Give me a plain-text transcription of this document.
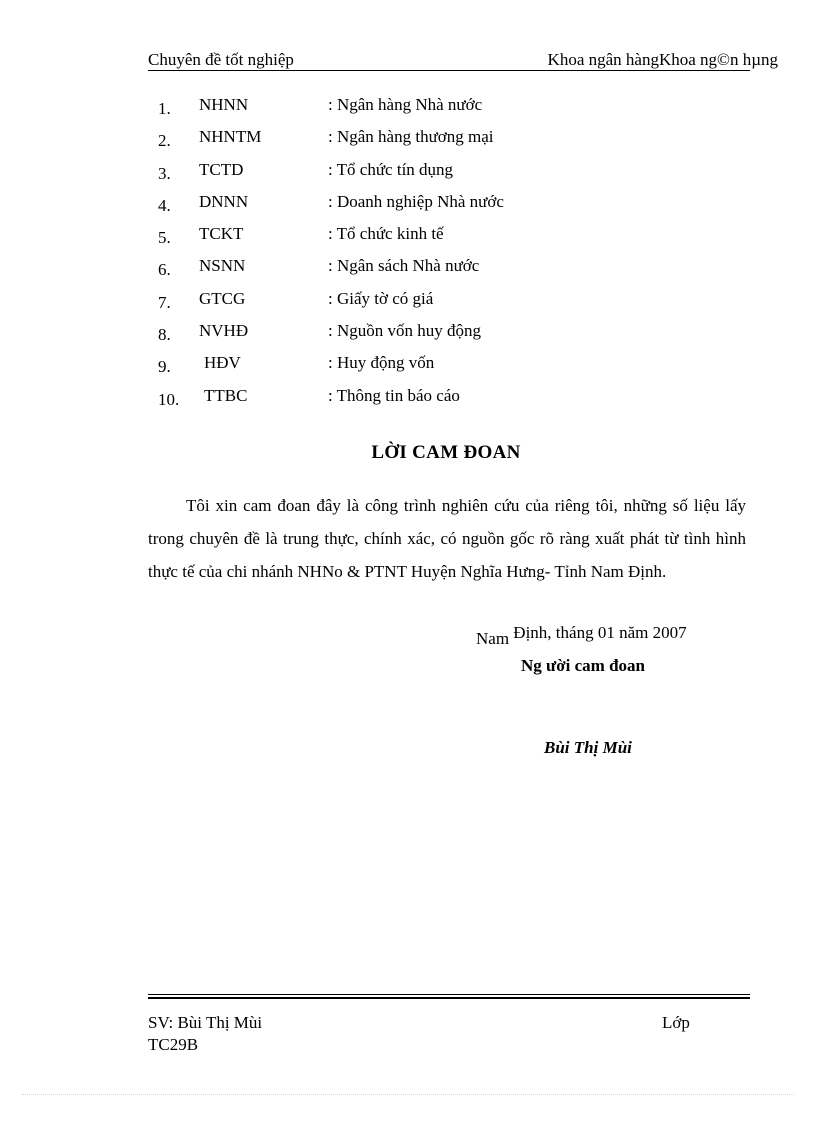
Chuyên đề tốt nghiệp	Khoa ngân hàngKhoa ng©n hµng
1.	NHNN	: Ngân hàng Nhà nước
2.	NHNTM	: Ngân hàng thương mại
3.	TCTD	: Tổ chức tín dụng
4.	DNNN	: Doanh nghiệp Nhà nước
5.	TCKT	: Tổ chức kinh tế
6.	NSNN	: Ngân sách Nhà nước
7.	GTCG	: Giấy tờ có giá
8.	NVHĐ	: Nguồn vốn huy động
9.	HĐV	: Huy động vốn
10.	TTBC	: Thông tin báo cáo
LỜI CAM ĐOAN

Tôi xin cam đoan đây là công trình nghiên cứu của riêng tôi, những số liệu lấy trong chuyên đề là trung thực, chính xác, có nguồn gốc rõ ràng xuất phát từ tình hình thực tế của chi nhánh NHNo & PTNT Huyện Nghĩa Hưng- Tỉnh Nam Định.

Nam Định, tháng 01 năm 2007
Ng ười cam đoan
Bùi Thị Mùi
SV: Bùi Thị Mùi	Lớp
TC29B
